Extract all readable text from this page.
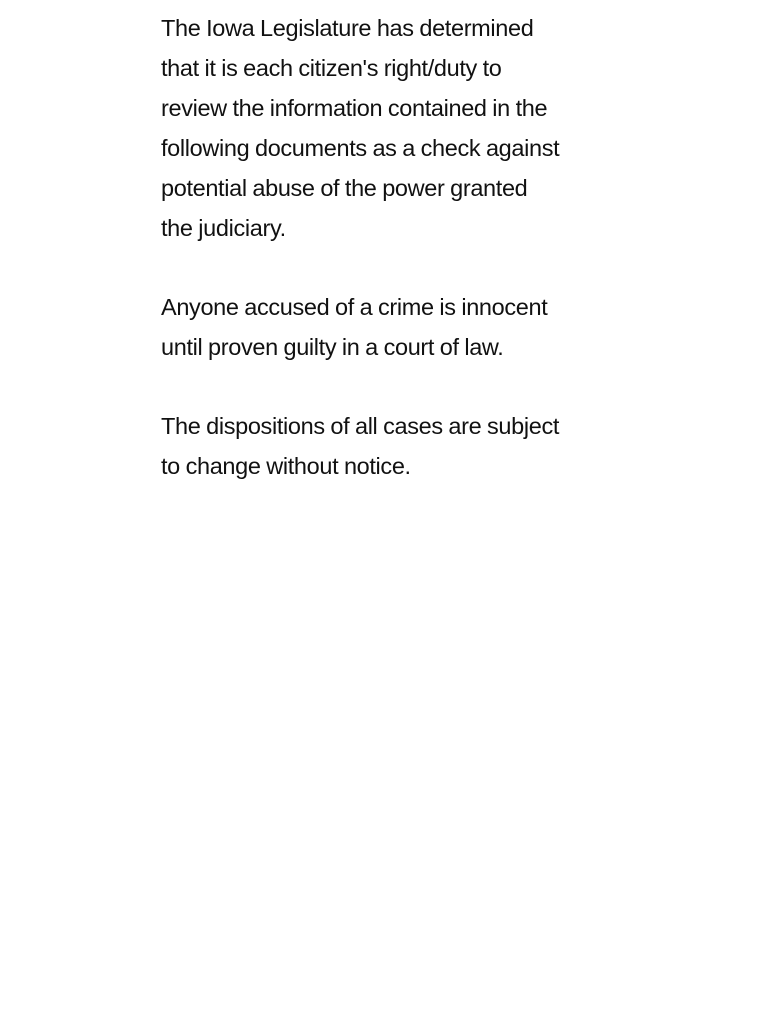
The Iowa Legislature has determined
that it is each citizen's right/duty to
review the information contained in the
following documents as a check against
potential abuse of the power granted
the judiciary.

Anyone accused of a crime is innocent
until proven guilty in a court of law.

The dispositions of all cases are subject
to change without notice.
